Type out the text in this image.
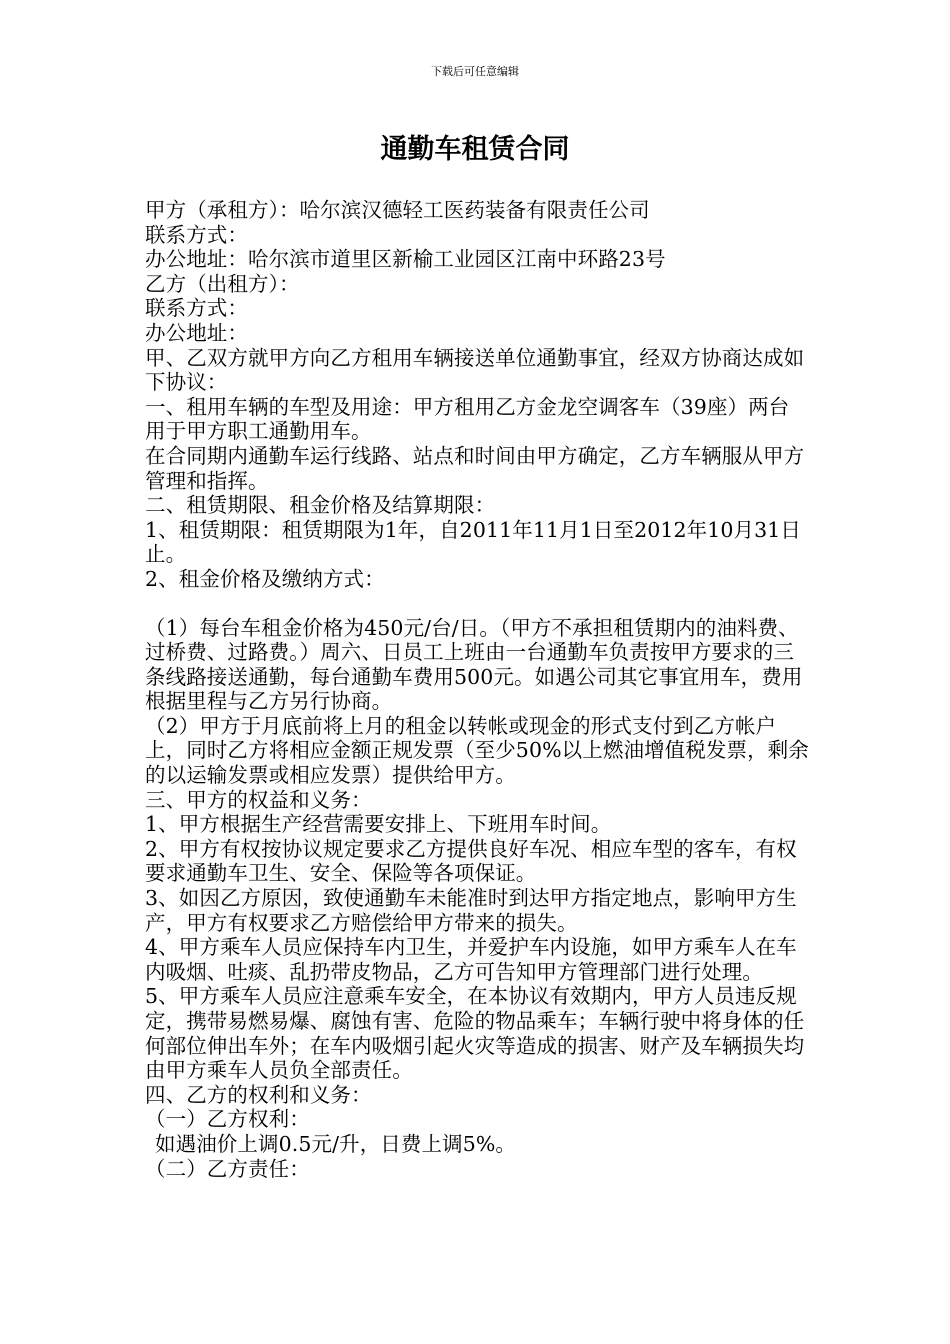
下载后可任意编辑
通勤车租赁合同

甲方（承租方）：哈尔滨汉德轻工医药装备有限责任公司

联系方式：

办公地址：哈尔滨市道里区新榆工业园区江南中环路23号

乙方（出租方）：

联系方式：

办公地址：

甲、乙双方就甲方向乙方租用车辆接送单位通勤事宜，经双方协商达成如下协议：

一、租用车辆的车型及用途：甲方租用乙方金龙空调客车（39座）两台用于甲方职工通勤用车。

在合同期内通勤车运行线路、站点和时间由甲方确定，乙方车辆服从甲方管理和指挥。

二、租赁期限、租金价格及结算期限：

1、租赁期限：租赁期限为1年，自2011年11月1日至2012年10月31日止。

2、租金价格及缴纳方式：

（1）每台车租金价格为450元/台/日。（甲方不承担租赁期内的油料费、过桥费、过路费。）周六、日员工上班由一台通勤车负责按甲方要求的三条线路接送通勤，每台通勤车费用500元。如遇公司其它事宜用车，费用根据里程与乙方另行协商。

（2）甲方于月底前将上月的租金以转帐或现金的形式支付到乙方帐户上，同时乙方将相应金额正规发票（至少50%以上燃油增值税发票，剩余的以运输发票或相应发票）提供给甲方。

三、甲方的权益和义务：

1、甲方根据生产经营需要安排上、下班用车时间。

2、甲方有权按协议规定要求乙方提供良好车况、相应车型的客车，有权要求通勤车卫生、安全、保险等各项保证。

3、如因乙方原因，致使通勤车未能准时到达甲方指定地点，影响甲方生产，甲方有权要求乙方赔偿给甲方带来的损失。

4、甲方乘车人员应保持车内卫生，并爱护车内设施，如甲方乘车人在车内吸烟、吐痰、乱扔带皮物品，乙方可告知甲方管理部门进行处理。

5、甲方乘车人员应注意乘车安全，在本协议有效期内，甲方人员违反规定，携带易燃易爆、腐蚀有害、危险的物品乘车；车辆行驶中将身体的任何部位伸出车外；在车内吸烟引起火灾等造成的损害、财产及车辆损失均由甲方乘车人员负全部责任。

四、乙方的权利和义务：

（一）乙方权利：

如遇油价上调0.5元/升，日费上调5%。

（二）乙方责任：
